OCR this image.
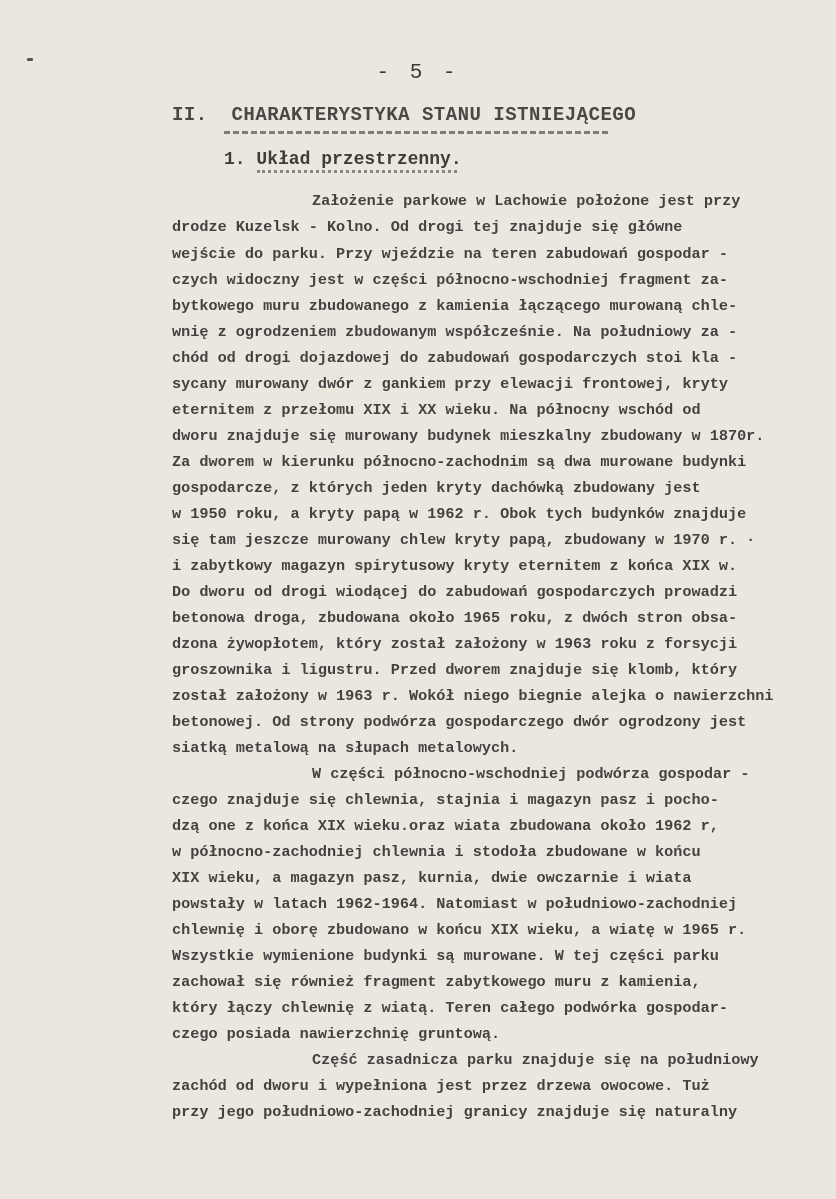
- 5 -
II.  CHARAKTERYSTYKA STANU ISTNIEJĄCEGO
1. Układ przestrzenny.
Założenie parkowe w Lachowie położone jest przy
drodze Kuzelsk - Kolno. Od drogi tej znajduje się główne
wejście do parku. Przy wjeździe na teren zabudowań gospodar -
czych widoczny jest w części północno-wschodniej fragment za-
bytkowego muru zbudowanego z kamienia łączącego murowaną chle-
wnię z ogrodzeniem zbudowanym współcześnie. Na południowy za -
chód od drogi dojazdowej do zabudowań gospodarczych stoi kla -
sycany murowany dwór z gankiem przy elewacji frontowej, kryty
eternitem z przełomu XIX i XX wieku. Na północny wschód od
dworu znajduje się murowany budynek mieszkalny zbudowany w 1870r.
Za dworem w kierunku północno-zachodnim są dwa murowane budynki
gospodarcze, z których jeden kryty dachówką zbudowany jest
w 1950 roku, a kryty papą w 1962 r. Obok tych budynków znajduje
się tam jeszcze murowany chlew kryty papą, zbudowany w 1970 r. ·
i zabytkowy magazyn spirytusowy kryty eternitem z końca XIX w.
Do dworu od drogi wiodącej do zabudowań gospodarczych prowadzi
betonowa droga, zbudowana około 1965 roku, z dwóch stron obsa-
dzona żywopłotem, który został założony w 1963 roku z forsycji
groszownika i ligustru. Przed dworem znajduje się klomb, który
został założony w 1963 r. Wokół niego biegnie alejka o nawierzchni
betonowej. Od strony podwórza gospodarczego dwór ogrodzony jest
siatką metalową na słupach metalowych.
W części północno-wschodniej podwórza gospodar -
czego znajduje się chlewnia, stajnia i magazyn pasz i pocho-
dzą one z końca XIX wieku.oraz wiata zbudowana około 1962 r,
w północno-zachodniej chlewnia i stodoła zbudowane w końcu
XIX wieku, a magazyn pasz, kurnia, dwie owczarnie i wiata
powstały w latach 1962-1964. Natomiast w południowo-zachodniej
chlewnię i oborę zbudowano w końcu XIX wieku, a wiatę w 1965 r.
Wszystkie wymienione budynki są murowane. W tej części parku
zachował się również fragment zabytkowego muru z kamienia,
który łączy chlewnię z wiatą. Teren całego podwórka gospodar-
czego posiada nawierzchnię gruntową.
Część zasadnicza parku znajduje się na południowy
zachód od dworu i wypełniona jest przez drzewa owocowe. Tuż
przy jego południowo-zachodniej granicy znajduje się naturalny
